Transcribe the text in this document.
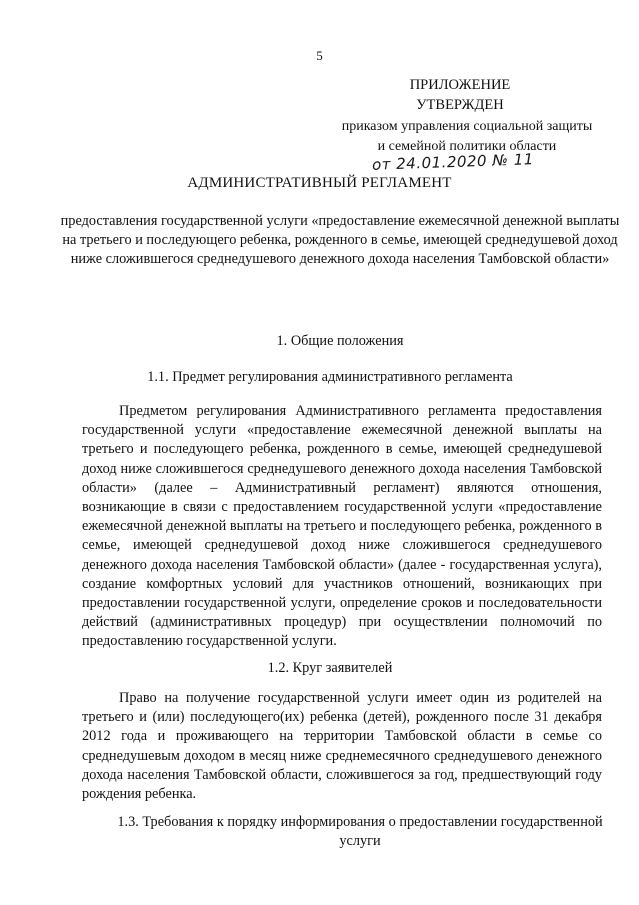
5
ПРИЛОЖЕНИЕ
УТВЕРЖДЕН
приказом управления социальной защиты
и семейной политики области
от 24.01.2020 № 11
АДМИНИСТРАТИВНЫЙ РЕГЛАМЕНТ
предоставления государственной услуги «предоставление ежемесячной денежной выплаты на третьего и последующего ребенка, рожденного в семье, имеющей среднедушевой доход ниже сложившегося среднедушевого денежного дохода населения Тамбовской области»
1. Общие положения
1.1. Предмет регулирования административного регламента
Предметом регулирования Административного регламента предоставления государственной услуги «предоставление ежемесячной денежной выплаты на третьего и последующего ребенка, рожденного в семье, имеющей среднедушевой доход ниже сложившегося среднедушевого денежного дохода населения Тамбовской области» (далее – Административный регламент) являются отношения, возникающие в связи с предоставлением государственной услуги «предоставление ежемесячной денежной выплаты на третьего и последующего ребенка, рожденного в семье, имеющей среднедушевой доход ниже сложившегося среднедушевого денежного дохода населения Тамбовской области» (далее - государственная услуга), создание комфортных условий для участников отношений, возникающих при предоставлении государственной услуги, определение сроков и последовательности действий (административных процедур) при осуществлении полномочий по предоставлению государственной услуги.
1.2. Круг заявителей
Право на получение государственной услуги имеет один из родителей на третьего и (или) последующего(их) ребенка (детей), рожденного после 31 декабря 2012 года и проживающего на территории Тамбовской области в семье со среднедушевым доходом в месяц ниже среднемесячного среднедушевого денежного дохода населения Тамбовской области, сложившегося за год, предшествующий году рождения ребенка.
1.3. Требования к порядку информирования о предоставлении государственной услуги
